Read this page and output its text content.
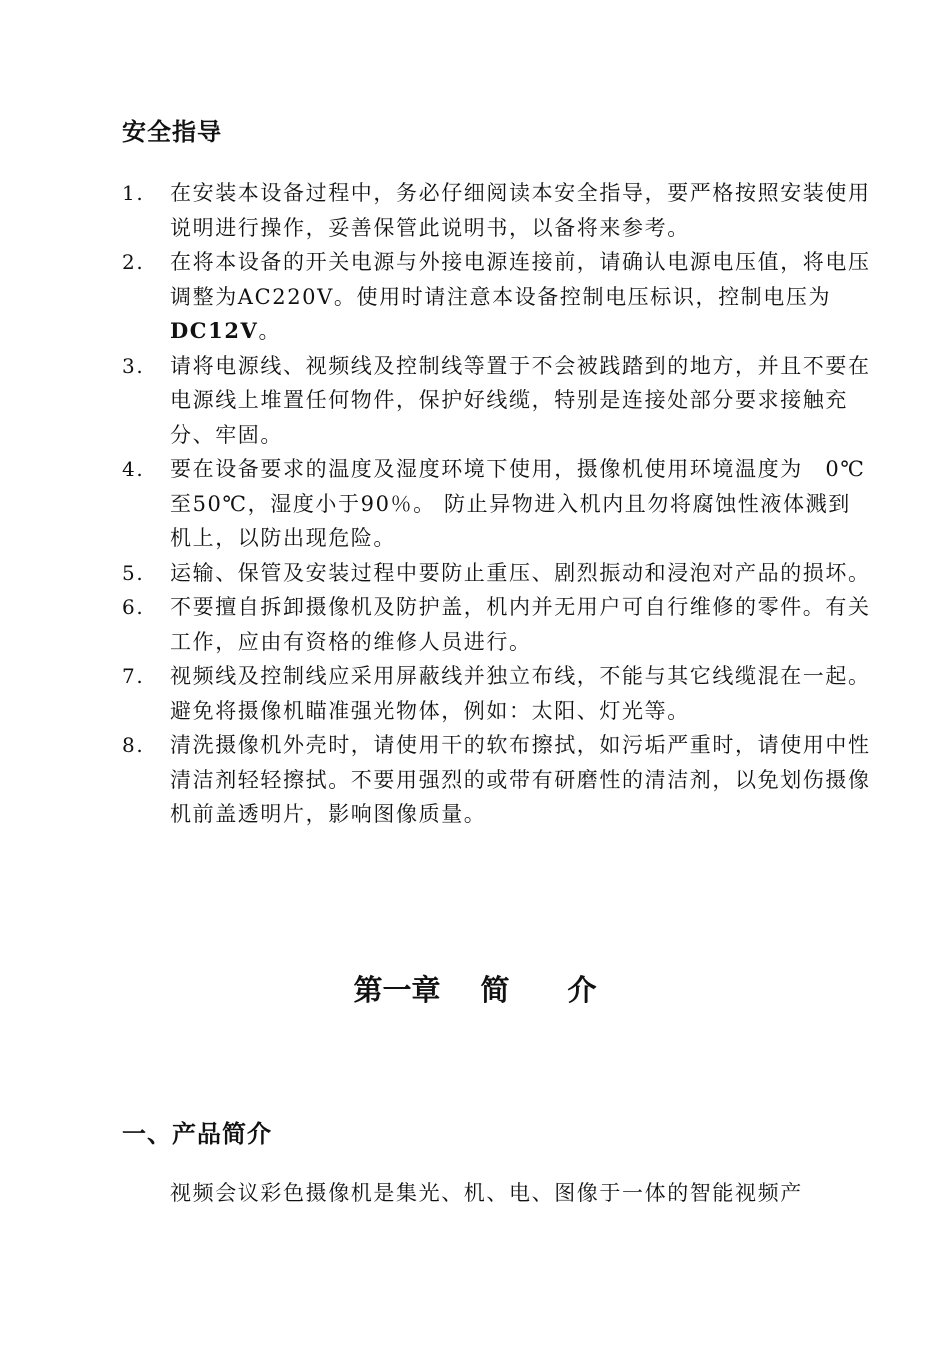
安全指导
1.	在安装本设备过程中，务必仔细阅读本安全指导，要严格按照安装使用说明进行操作，妥善保管此说明书，以备将来参考。
2.	在将本设备的开关电源与外接电源连接前，请确认电源电压值，将电压调整为AC220V。使用时请注意本设备控制电压标识，控制电压为DC12V。
3.	请将电源线、视频线及控制线等置于不会被践踏到的地方，并且不要在电源线上堆置任何物件，保护好线缆，特别是连接处部分要求接触充分、牢固。
4.	要在设备要求的温度及湿度环境下使用，摄像机使用环境温度为　0℃至50℃，湿度小于90％。 防止异物进入机内且勿将腐蚀性液体溅到机上，以防出现危险。
5.	运输、保管及安装过程中要防止重压、剧烈振动和浸泡对产品的损坏。
6.	不要擅自拆卸摄像机及防护盖，机内并无用户可自行维修的零件。有关工作，应由有资格的维修人员进行。
7.	视频线及控制线应采用屏蔽线并独立布线，不能与其它线缆混在一起。避免将摄像机瞄准强光物体，例如：太阳、灯光等。
8.	清洗摄像机外壳时，请使用干的软布擦拭，如污垢严重时，请使用中性清洁剂轻轻擦拭。不要用强烈的或带有研磨性的清洁剂，以免划伤摄像机前盖透明片，影响图像质量。
第一章 简 介
一、产品简介
视频会议彩色摄像机是集光、机、电、图像于一体的智能视频产
